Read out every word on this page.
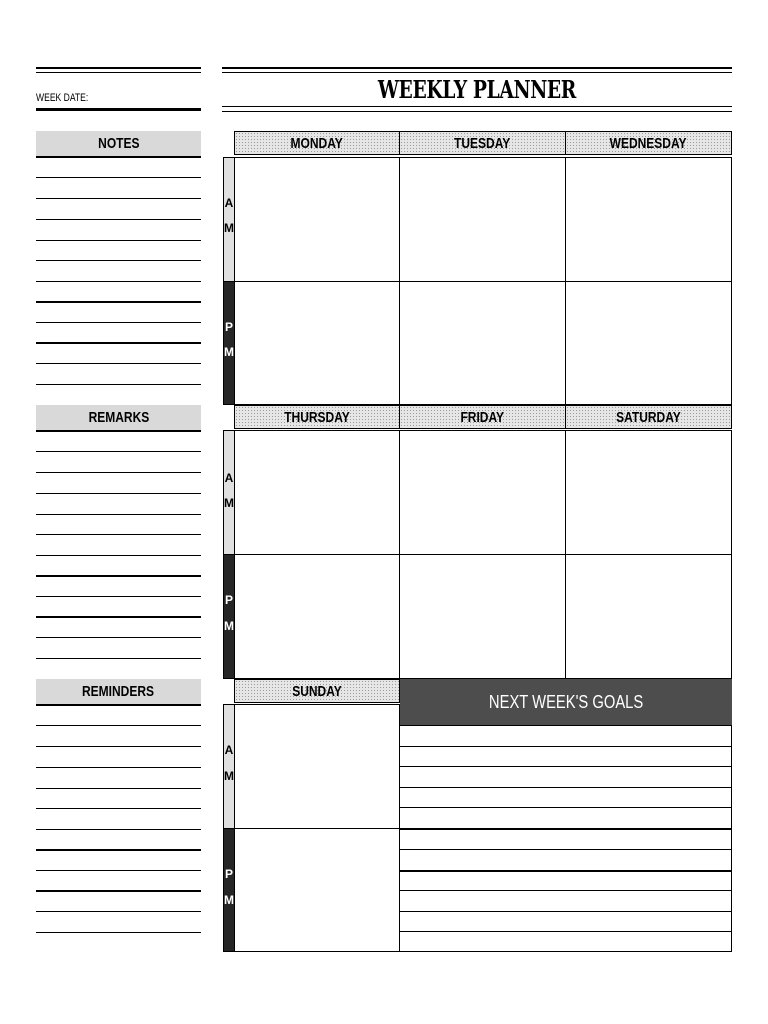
WEEK DATE:	WEEKLY PLANNER
NOTES
REMARKS
REMINDERS
MONDAY	TUESDAY	WEDNESDAY
A
M
P
M
THURSDAY	FRIDAY	SATURDAY
A
M
P
M
SUNDAY
A
M
P
M
NEXT WEEK'S GOALS
